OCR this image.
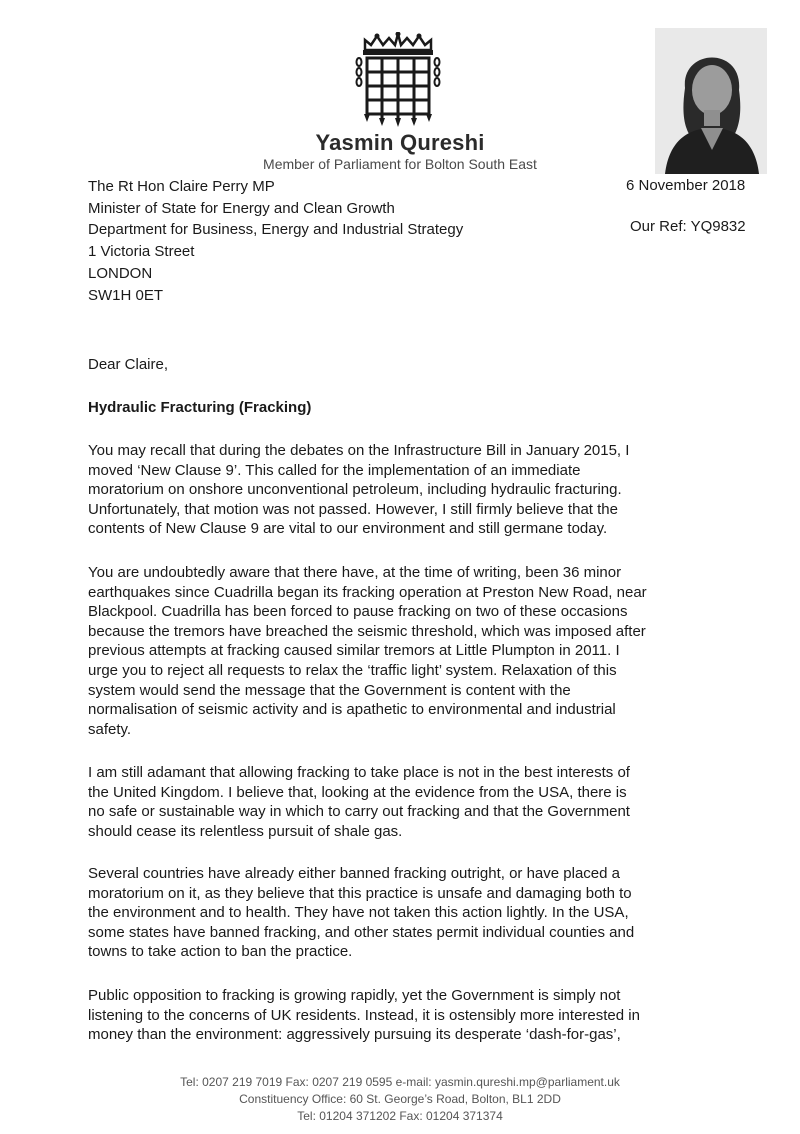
Yasmin Qureshi
Member of Parliament for Bolton South East
The Rt Hon Claire Perry MP
Minister of State for Energy and Clean Growth
Department for Business, Energy and Industrial Strategy
1 Victoria Street
LONDON
SW1H 0ET
6 November 2018
Our Ref: YQ9832
Dear Claire,
Hydraulic Fracturing (Fracking)
You may recall that during the debates on the Infrastructure Bill in January 2015, I
moved ‘New Clause 9’. This called for the implementation of an immediate
moratorium on onshore unconventional petroleum, including hydraulic fracturing.
Unfortunately, that motion was not passed. However, I still firmly believe that the
contents of New Clause 9 are vital to our environment and still germane today.
You are undoubtedly aware that there have, at the time of writing, been 36 minor
earthquakes since Cuadrilla began its fracking operation at Preston New Road, near
Blackpool. Cuadrilla has been forced to pause fracking on two of these occasions
because the tremors have breached the seismic threshold, which was imposed after
previous attempts at fracking caused similar tremors at Little Plumpton in 2011. I
urge you to reject all requests to relax the ‘traffic light’ system. Relaxation of this
system would send the message that the Government is content with the
normalisation of seismic activity and is apathetic to environmental and industrial
safety.
I am still adamant that allowing fracking to take place is not in the best interests of
the United Kingdom. I believe that, looking at the evidence from the USA, there is
no safe or sustainable way in which to carry out fracking and that the Government
should cease its relentless pursuit of shale gas.
Several countries have already either banned fracking outright, or have placed a
moratorium on it, as they believe that this practice is unsafe and damaging both to
the environment and to health. They have not taken this action lightly. In the USA,
some states have banned fracking, and other states permit individual counties and
towns to take action to ban the practice.
Public opposition to fracking is growing rapidly, yet the Government is simply not
listening to the concerns of UK residents. Instead, it is ostensibly more interested in
money than the environment: aggressively pursuing its desperate ‘dash-for-gas’,
Tel: 0207 219 7019 Fax: 0207 219 0595 e-mail: yasmin.qureshi.mp@parliament.uk
Constituency Office: 60 St. George’s Road, Bolton, BL1 2DD
Tel: 01204 371202 Fax: 01204 371374
